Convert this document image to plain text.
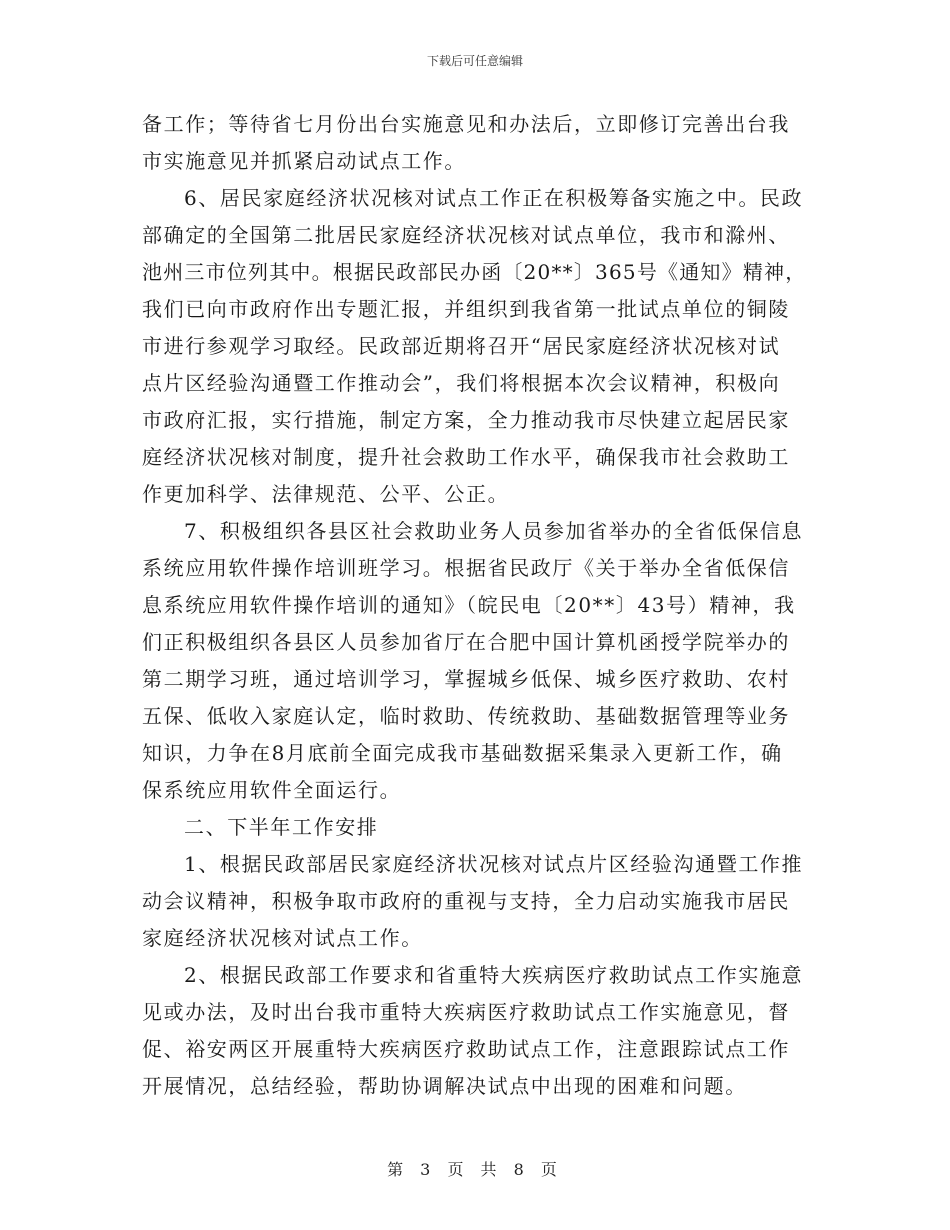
下载后可任意编辑
备工作；等待省七月份出台实施意见和办法后，立即修订完善出台我
市实施意见并抓紧启动试点工作。
6、居民家庭经济状况核对试点工作正在积极筹备实施之中。民政
部确定的全国第二批居民家庭经济状况核对试点单位，我市和滁州、
池州三市位列其中。根据民政部民办函〔20**〕365号《通知》精神，
我们已向市政府作出专题汇报，并组织到我省第一批试点单位的铜陵
市进行参观学习取经。民政部近期将召开“居民家庭经济状况核对试
点片区经验沟通暨工作推动会”，我们将根据本次会议精神，积极向
市政府汇报，实行措施，制定方案，全力推动我市尽快建立起居民家
庭经济状况核对制度，提升社会救助工作水平，确保我市社会救助工
作更加科学、法律规范、公平、公正。
7、积极组织各县区社会救助业务人员参加省举办的全省低保信息
系统应用软件操作培训班学习。根据省民政厅《关于举办全省低保信
息系统应用软件操作培训的通知》（皖民电〔20**〕43号）精神，我
们正积极组织各县区人员参加省厅在合肥中国计算机函授学院举办的
第二期学习班，通过培训学习，掌握城乡低保、城乡医疗救助、农村
五保、低收入家庭认定，临时救助、传统救助、基础数据管理等业务
知识，力争在8月底前全面完成我市基础数据采集录入更新工作，确
保系统应用软件全面运行。
二、下半年工作安排
1、根据民政部居民家庭经济状况核对试点片区经验沟通暨工作推
动会议精神，积极争取市政府的重视与支持，全力启动实施我市居民
家庭经济状况核对试点工作。
2、根据民政部工作要求和省重特大疾病医疗救助试点工作实施意
见或办法，及时出台我市重特大疾病医疗救助试点工作实施意见，督
促、裕安两区开展重特大疾病医疗救助试点工作，注意跟踪试点工作
开展情况，总结经验，帮助协调解决试点中出现的困难和问题。
第 3 页 共 8 页
